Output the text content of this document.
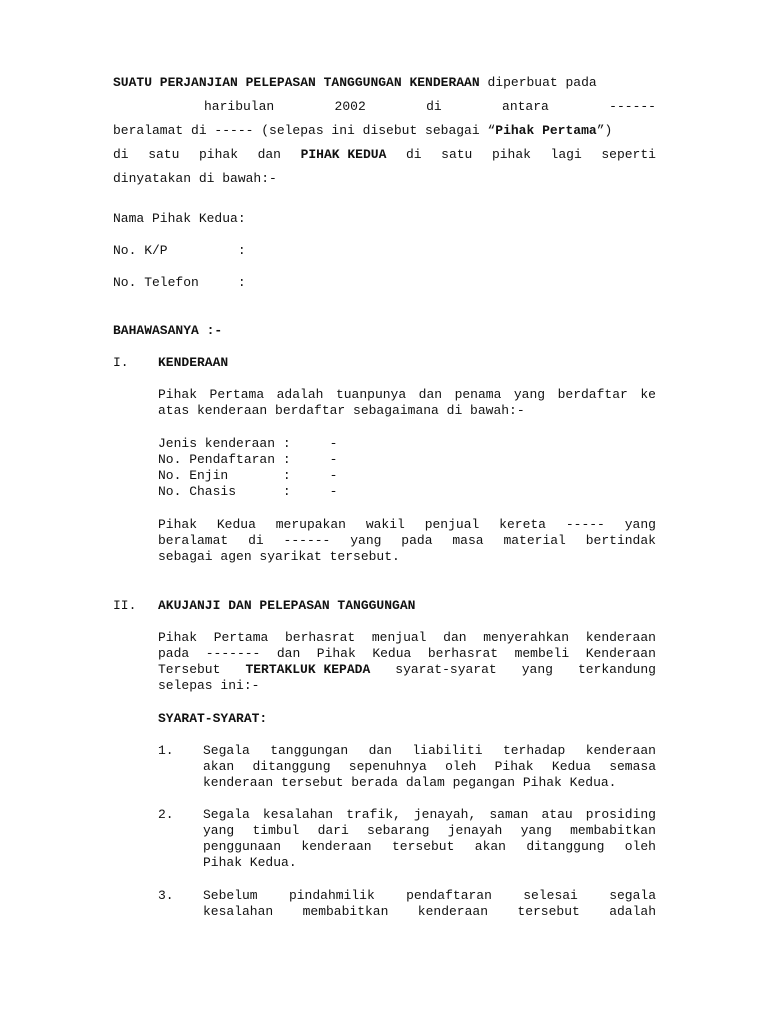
SUATU PERJANJIAN PELEPASAN TANGGUNGAN KENDERAAN diperbuat pada
haribulan	2002	di	antara	------
beralamat di ----- (selepas ini disebut sebagai “Pihak Pertama”)
di satu pihak dan PIHAK KEDUA di satu pihak lagi seperti
dinyatakan di bawah:-
Nama Pihak Kedua:
No. K/P         :
No. Telefon     :
BAHAWASANYA :-
I. KENDERAAN
Pihak Pertama adalah tuanpunya dan penama yang berdaftar ke
atas kenderaan berdaftar sebagaimana di bawah:-
Jenis kenderaan :     -
No. Pendaftaran :     -
No. Enjin       :     -
No. Chasis      :     -
Pihak Kedua merupakan wakil penjual kereta ----- yang
beralamat di ------ yang pada masa material bertindak
sebagai agen syarikat tersebut.
II. AKUJANJI DAN PELEPASAN TANGGUNGAN
Pihak Pertama berhasrat menjual dan menyerahkan kenderaan
pada ------- dan Pihak Kedua berhasrat membeli Kenderaan
Tersebut TERTAKLUK KEPADA syarat-syarat yang terkandung
selepas ini:-
SYARAT-SYARAT:
1. Segala tanggungan dan liabiliti terhadap kenderaan
akan ditanggung sepenuhnya oleh Pihak Kedua semasa
kenderaan tersebut berada dalam pegangan Pihak Kedua.
2. Segala kesalahan trafik, jenayah, saman atau prosiding
yang timbul dari sebarang jenayah yang membabitkan
penggunaan kenderaan tersebut akan ditanggung oleh
Pihak Kedua.
3. Sebelum pindahmilik pendaftaran selesai segala
kesalahan membabitkan kenderaan tersebut adalah
